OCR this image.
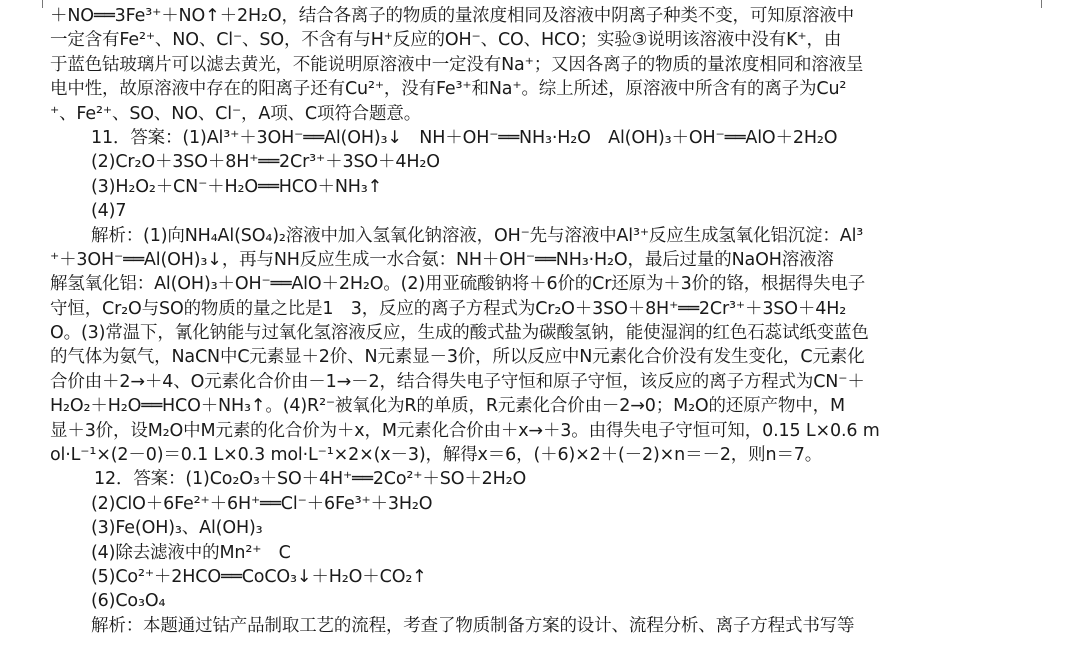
＋NO══3Fe³⁺＋NO↑＋2H₂O，结合各离子的物质的量浓度相同及溶液中阴离子种类不变，可知原溶液中
一定含有Fe²⁺、NO、Cl⁻、SO，不含有与H⁺反应的OH⁻、CO、HCO；实验③说明该溶液中没有K⁺，由
于蓝色钴玻璃片可以滤去黄光，不能说明原溶液中一定没有Na⁺；又因各离子的物质的量浓度相同和溶液呈
电中性，故原溶液中存在的阳离子还有Cu²⁺，没有Fe³⁺和Na⁺。综上所述，原溶液中所含有的离子为Cu²
⁺、Fe²⁺、SO、NO、Cl⁻，A项、C项符合题意。
11．答案：(1)Al³⁺＋3OH⁻══Al(OH)₃↓　NH＋OH⁻══NH₃·H₂O　Al(OH)₃＋OH⁻══AlO＋2H₂O
(2)Cr₂O＋3SO＋8H⁺══2Cr³⁺＋3SO＋4H₂O
(3)H₂O₂＋CN⁻＋H₂O══HCO＋NH₃↑
(4)7
解析：(1)向NH₄Al(SO₄)₂溶液中加入氢氧化钠溶液，OH⁻先与溶液中Al³⁺反应生成氢氧化铝沉淀：Al³
⁺＋3OH⁻══Al(OH)₃↓，再与NH反应生成一水合氨：NH＋OH⁻══NH₃·H₂O，最后过量的NaOH溶液溶
解氢氧化铝：Al(OH)₃＋OH⁻══AlO＋2H₂O。(2)用亚硫酸钠将＋6价的Cr还原为＋3价的铬，根据得失电子
守恒，Cr₂O与SO的物质的量之比是1　3，反应的离子方程式为Cr₂O＋3SO＋8H⁺══2Cr³⁺＋3SO＋4H₂
O。(3)常温下，氰化钠能与过氧化氢溶液反应，生成的酸式盐为碳酸氢钠，能使湿润的红色石蕊试纸变蓝色
的气体为氨气，NaCN中C元素显＋2价、N元素显－3价，所以反应中N元素化合价没有发生变化，C元素化
合价由＋2→＋4、O元素化合价由－1→－2，结合得失电子守恒和原子守恒，该反应的离子方程式为CN⁻＋
H₂O₂＋H₂O══HCO＋NH₃↑。(4)R²⁻被氧化为R的单质，R元素化合价由－2→0；M₂O的还原产物中，M
显＋3价，设M₂O中M元素的化合价为＋x，M元素化合价由＋x→＋3。由得失电子守恒可知，0.15 L×0.6 m
ol·L⁻¹×(2－0)＝0.1 L×0.3 mol·L⁻¹×2×(x－3)，解得x＝6，(＋6)×2＋(－2)×n＝－2，则n＝7。
12．答案：(1)Co₂O₃＋SO＋4H⁺══2Co²⁺＋SO＋2H₂O
(2)ClO＋6Fe²⁺＋6H⁺══Cl⁻＋6Fe³⁺＋3H₂O
(3)Fe(OH)₃、Al(OH)₃
(4)除去滤液中的Mn²⁺　C
(5)Co²⁺＋2HCO══CoCO₃↓＋H₂O＋CO₂↑
(6)Co₃O₄
解析：本题通过钴产品制取工艺的流程，考查了物质制备方案的设计、流程分析、离子方程式书写等
